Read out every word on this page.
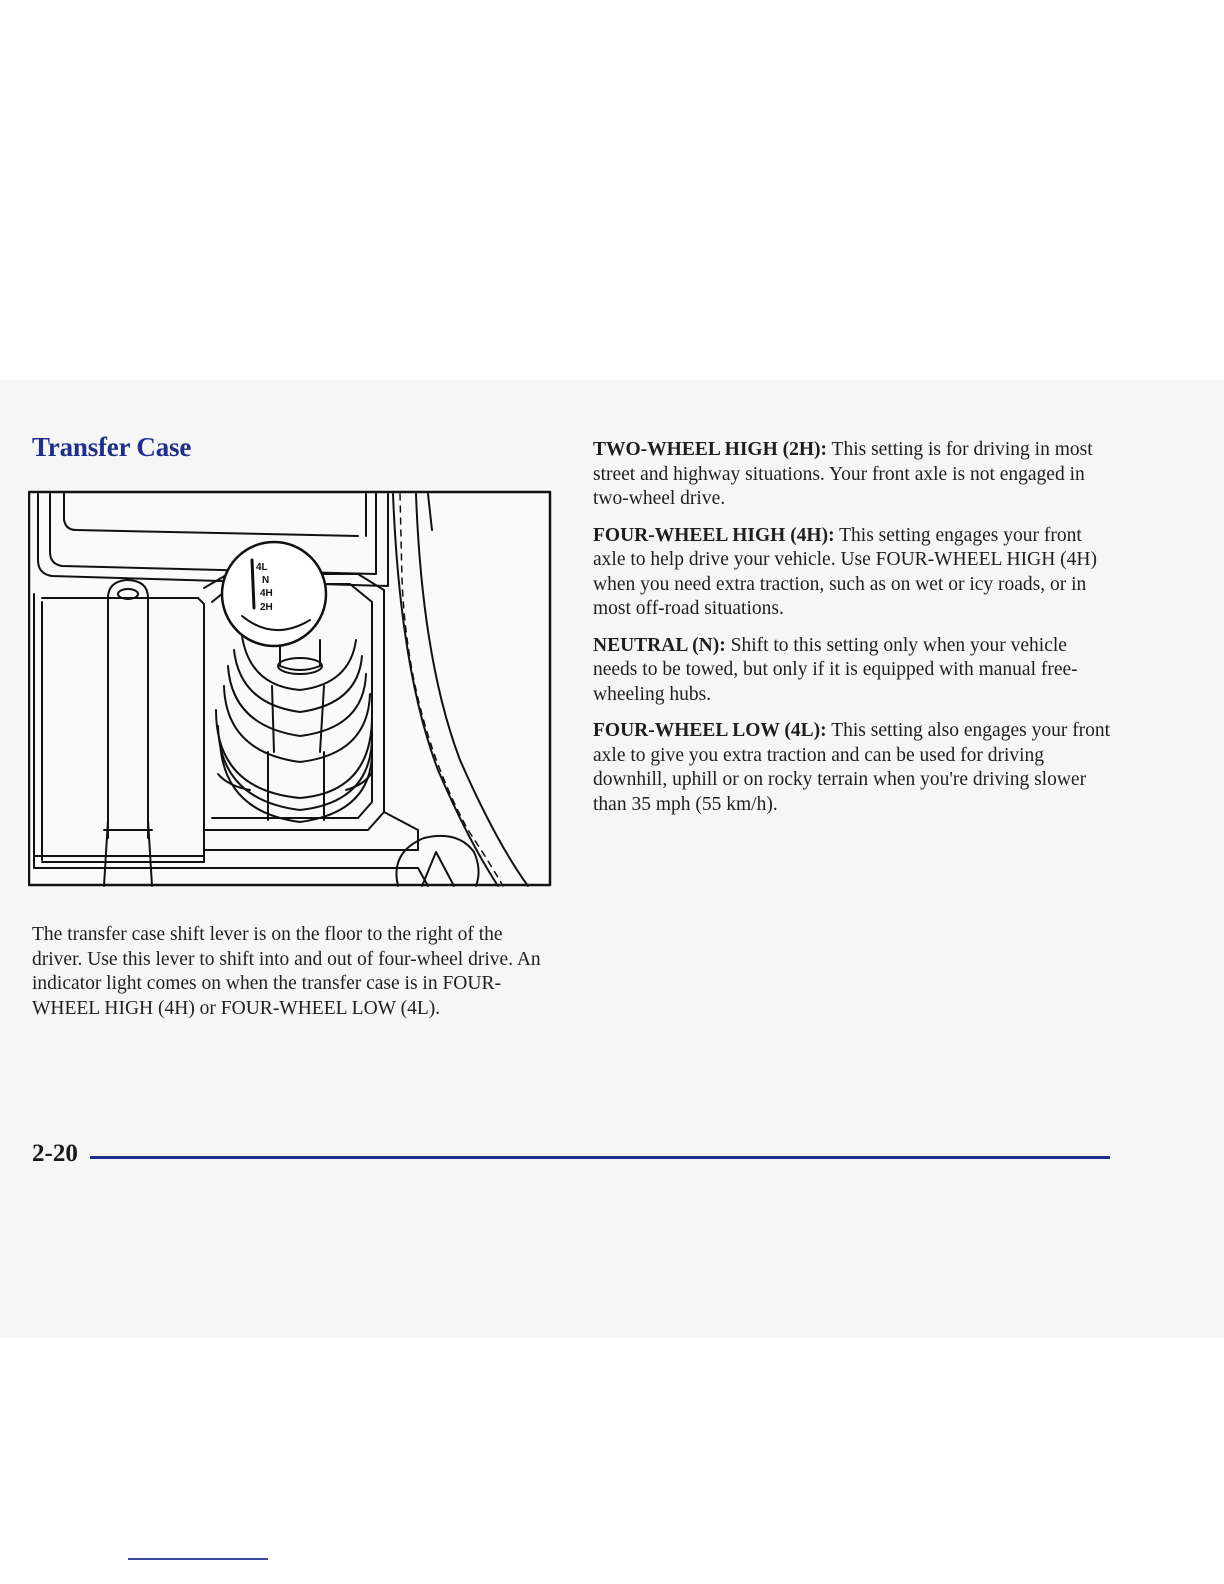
Transfer Case
4L
N
4H
2H

The transfer case shift lever is on the floor to the right of the driver. Use this lever to shift into and out of four-wheel drive. An indicator light comes on when the transfer case is in FOUR-WHEEL HIGH (4H) or FOUR-WHEEL LOW (4L).

TWO-WHEEL HIGH (2H): This setting is for driving in most street and highway situations. Your front axle is not engaged in two-wheel drive.

FOUR-WHEEL HIGH (4H): This setting engages your front axle to help drive your vehicle. Use FOUR-WHEEL HIGH (4H) when you need extra traction, such as on wet or icy roads, or in most off-road situations.

NEUTRAL (N): Shift to this setting only when your vehicle needs to be towed, but only if it is equipped with manual free-wheeling hubs.

FOUR-WHEEL LOW (4L): This setting also engages your front axle to give you extra traction and can be used for driving downhill, uphill or on rocky terrain when you're driving slower than 35 mph (55 km/h).

2-20
